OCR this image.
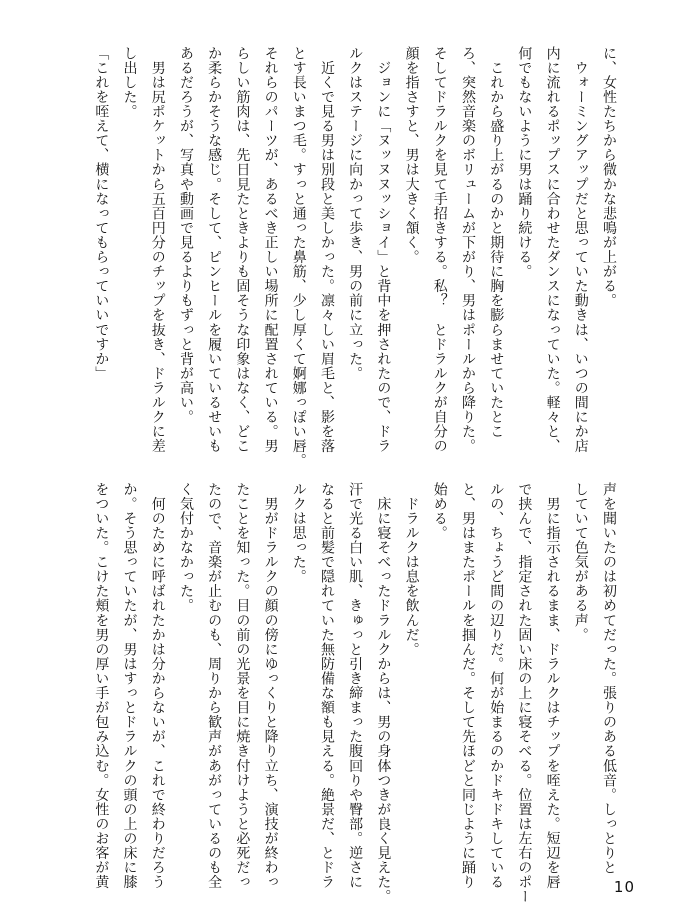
に、女性たちから微かな悲鳴が上がる。
　ウォーミングアップだと思っていた動きは、いつの間にか店
内に流れるポップスに合わせたダンスになっていた。軽々と、
何でもないように男は踊り続ける。
　これから盛り上がるのかと期待に胸を膨らませていたとこ
ろ、突然音楽のボリュームが下がり、男はポールから降りた。
そしてドラルクを見て手招きする。私？　とドラルクが自分の
顔を指さすと、男は大きく頷く。
　ジョンに「ヌッヌヌッショイ」と背中を押されたので、ドラ
ルクはステージに向かって歩き、男の前に立った。
　近くで見る男は別段と美しかった。凛々しい眉毛と、影を落
とす長いまつ毛。すっと通った鼻筋、少し厚くて婀娜っぽい唇。
それらのパーツが、あるべき正しい場所に配置されている。男
らしい筋肉は、先日見たときよりも固そうな印象はなく、どこ
か柔らかそうな感じ。そして、ピンヒールを履いているせいも
あるだろうが、写真や動画で見るよりもずっと背が高い。
　男は尻ポケットから五百円分のチップを抜き、ドラルクに差
し出した。
「これを咥えて、横になってもらっていいですか」
声を聞いたのは初めてだった。張りのある低音。しっとりと
していて色気がある声。
　男に指示されるまま、ドラルクはチップを咥えた。短辺を唇
で挟んで、指定された固い床の上に寝そべる。位置は左右のポー
ルの、ちょうど間の辺りだ。何が始まるのかドキドキしている
と、男はまたポールを掴んだ。そして先ほどと同じように踊り
始める。
　ドラルクは息を飲んだ。
　床に寝そべったドラルクからは、男の身体つきが良く見えた。
汗で光る白い肌、きゅっと引き締まった腹回りや臀部。逆さに
なると前髪で隠れていた無防備な額も見える。絶景だ、とドラ
ルクは思った。
　男がドラルクの顔の傍にゆっくりと降り立ち、演技が終わっ
たことを知った。目の前の光景を目に焼き付けようと必死だっ
たので、音楽が止むのも、周りから歓声があがっているのも全
く気付かなかった。
　何のために呼ばれたかは分からないが、これで終わりだろう
か。そう思っていたが、男はすっとドラルクの頭の上の床に膝
をついた。こけた頬を男の厚い手が包み込む。女性のお客が黄	10
